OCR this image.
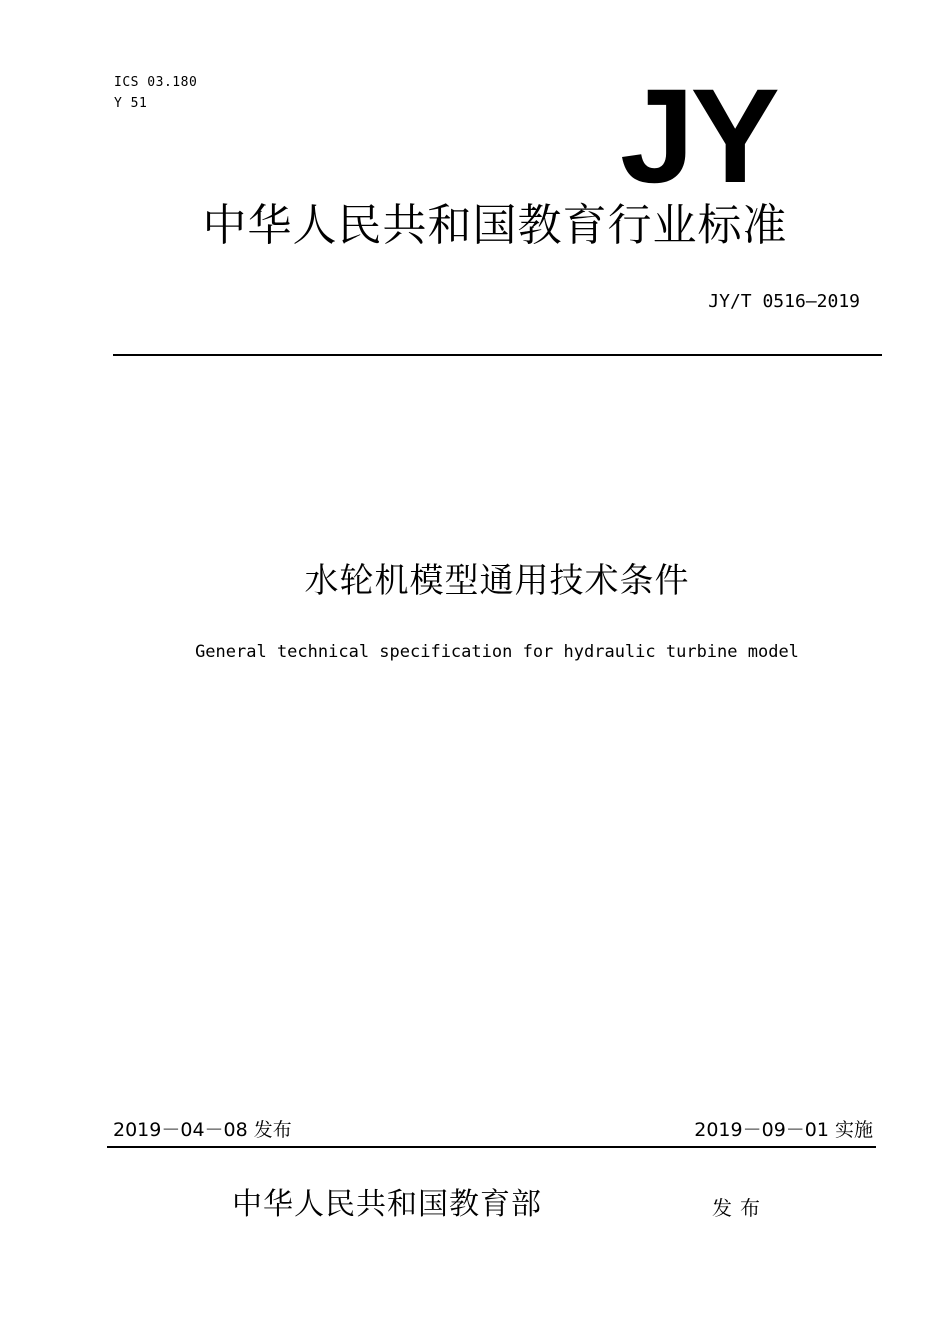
ICS 03.180
Y 51	JY
中华人民共和国教育行业标准
JY/T 0516—2019
水轮机模型通用技术条件
General technical specification for hydraulic turbine model
2019－04－08 发布	2019－09－01 实施
中华人民共和国教育部	发布
